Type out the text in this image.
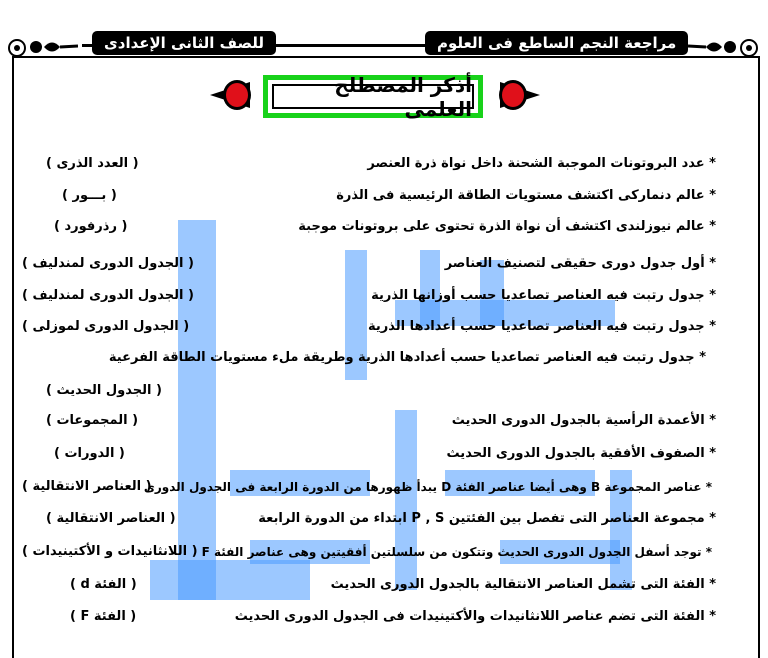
مراجعة النجم الساطع فى العلوم
للصف الثانى الإعدادى
أذكر المصطلح العلمى
* عدد البروتونات الموجبة الشحنة داخل نواة ذرة العنصر
( العدد الذرى )
* عالم دنماركى اكتشف مستويات الطاقة الرئيسية فى الذرة
( بـــور )
* عالم نيوزلندى اكتشف أن نواة الذرة تحتوى على بروتونات موجبة
( رذرفورد )
* أول جدول دورى حقيقى لتصنيف العناصر
( الجدول الدورى لمندليف )
* جدول رتبت فيه العناصر تصاعديا حسب أوزانها الذرية
( الجدول الدورى لمندليف )
* جدول رتبت فيه العناصر تصاعديا حسب أعدادها الذرية
( الجدول الدورى لموزلى )
* جدول رتبت فيه العناصر تصاعديا حسب أعدادها الذرية وطريقة ملء مستويات الطاقة الفرعية
( الجدول الحديث )
* الأعمدة الرأسية بالجدول الدورى الحديث
( المجموعات )
* الصفوف الأفقية بالجدول الدورى الحديث
( الدورات )
* عناصر المجموعة B وهى أيضا عناصر الفئة D يبدأ ظهورها من الدورة الرابعة فى الجدول الدورى
( العناصر الانتقالية )
* مجموعة العناصر التى تفصل بين الفئتين P , S ابتداء من الدورة الرابعة
( العناصر الانتقالية )
* توجد أسفل الجدول الدورى الحديث وتتكون من سلسلتين أفقيتين وهى عناصر الفئة F
( اللانثانيدات و الأكتينيدات )
* الفئة التى تشمل العناصر الانتقالية بالجدول الدورى الحديث
( الفئة d )
* الفئة التى تضم عناصر اللانثانيدات والأكتينيدات فى الجدول الدورى الحديث
( الفئة F )
